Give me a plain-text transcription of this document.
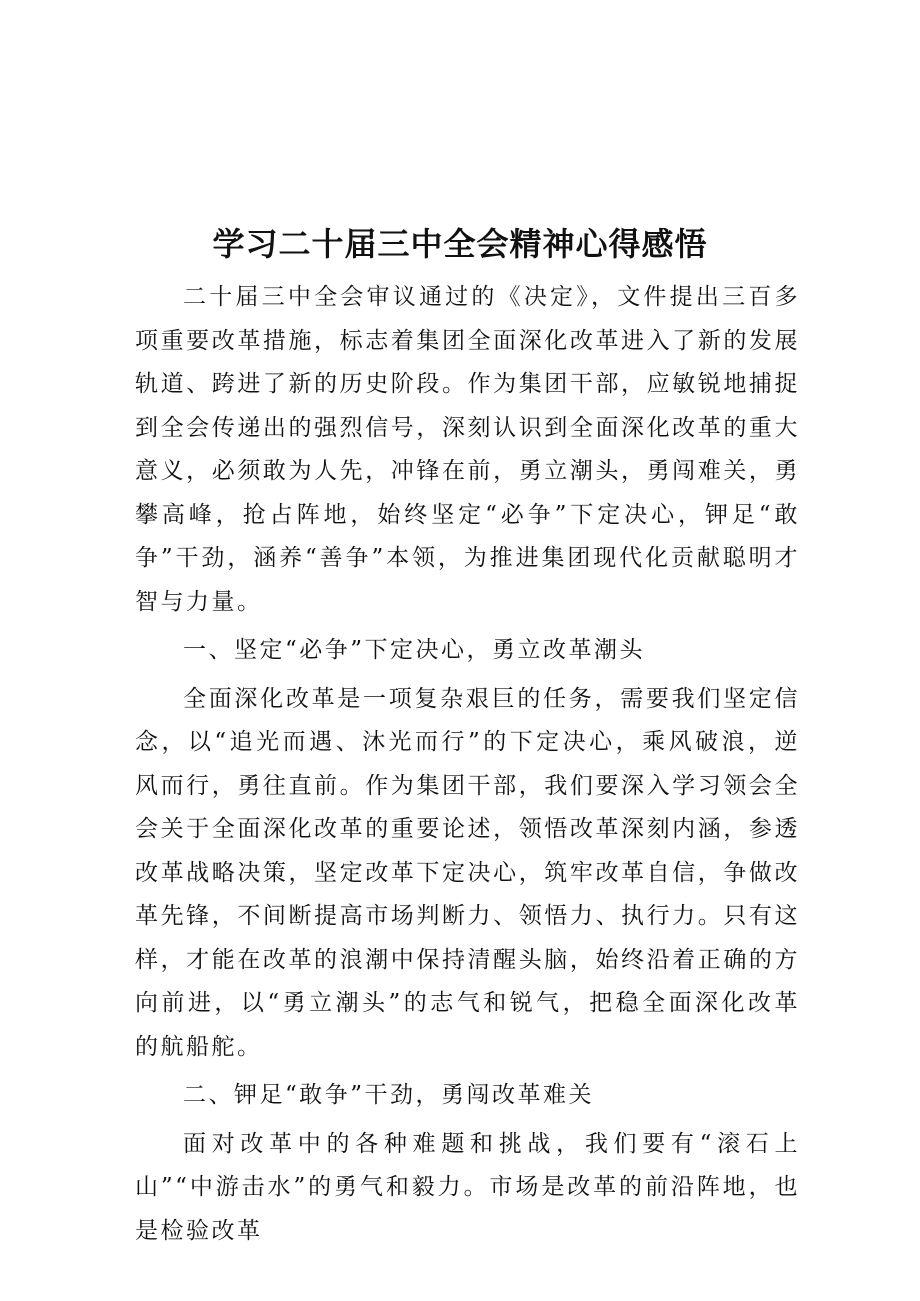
学习二十届三中全会精神心得感悟

二十届三中全会审议通过的《决定》，文件提出三百多项重要改革措施，标志着集团全面深化改革进入了新的发展轨道、跨进了新的历史阶段。作为集团干部，应敏锐地捕捉到全会传递出的强烈信号，深刻认识到全面深化改革的重大意义，必须敢为人先，冲锋在前，勇立潮头，勇闯难关，勇攀高峰，抢占阵地，始终坚定“必争”下定决心，钾足“敢争”干劲，涵养“善争”本领，为推进集团现代化贡献聪明才智与力量。

一、坚定“必争”下定决心，勇立改革潮头

全面深化改革是一项复杂艰巨的任务，需要我们坚定信念，以“追光而遇、沐光而行”的下定决心，乘风破浪，逆风而行，勇往直前。作为集团干部，我们要深入学习领会全会关于全面深化改革的重要论述，领悟改革深刻内涵，参透改革战略决策，坚定改革下定决心，筑牢改革自信，争做改革先锋，不间断提高市场判断力、领悟力、执行力。只有这样，才能在改革的浪潮中保持清醒头脑，始终沿着正确的方向前进，以“勇立潮头”的志气和锐气，把稳全面深化改革的航船舵。

二、钾足“敢争”干劲，勇闯改革难关

面对改革中的各种难题和挑战，我们要有“滚石上山”“中游击水”的勇气和毅力。市场是改革的前沿阵地，也是检验改革
